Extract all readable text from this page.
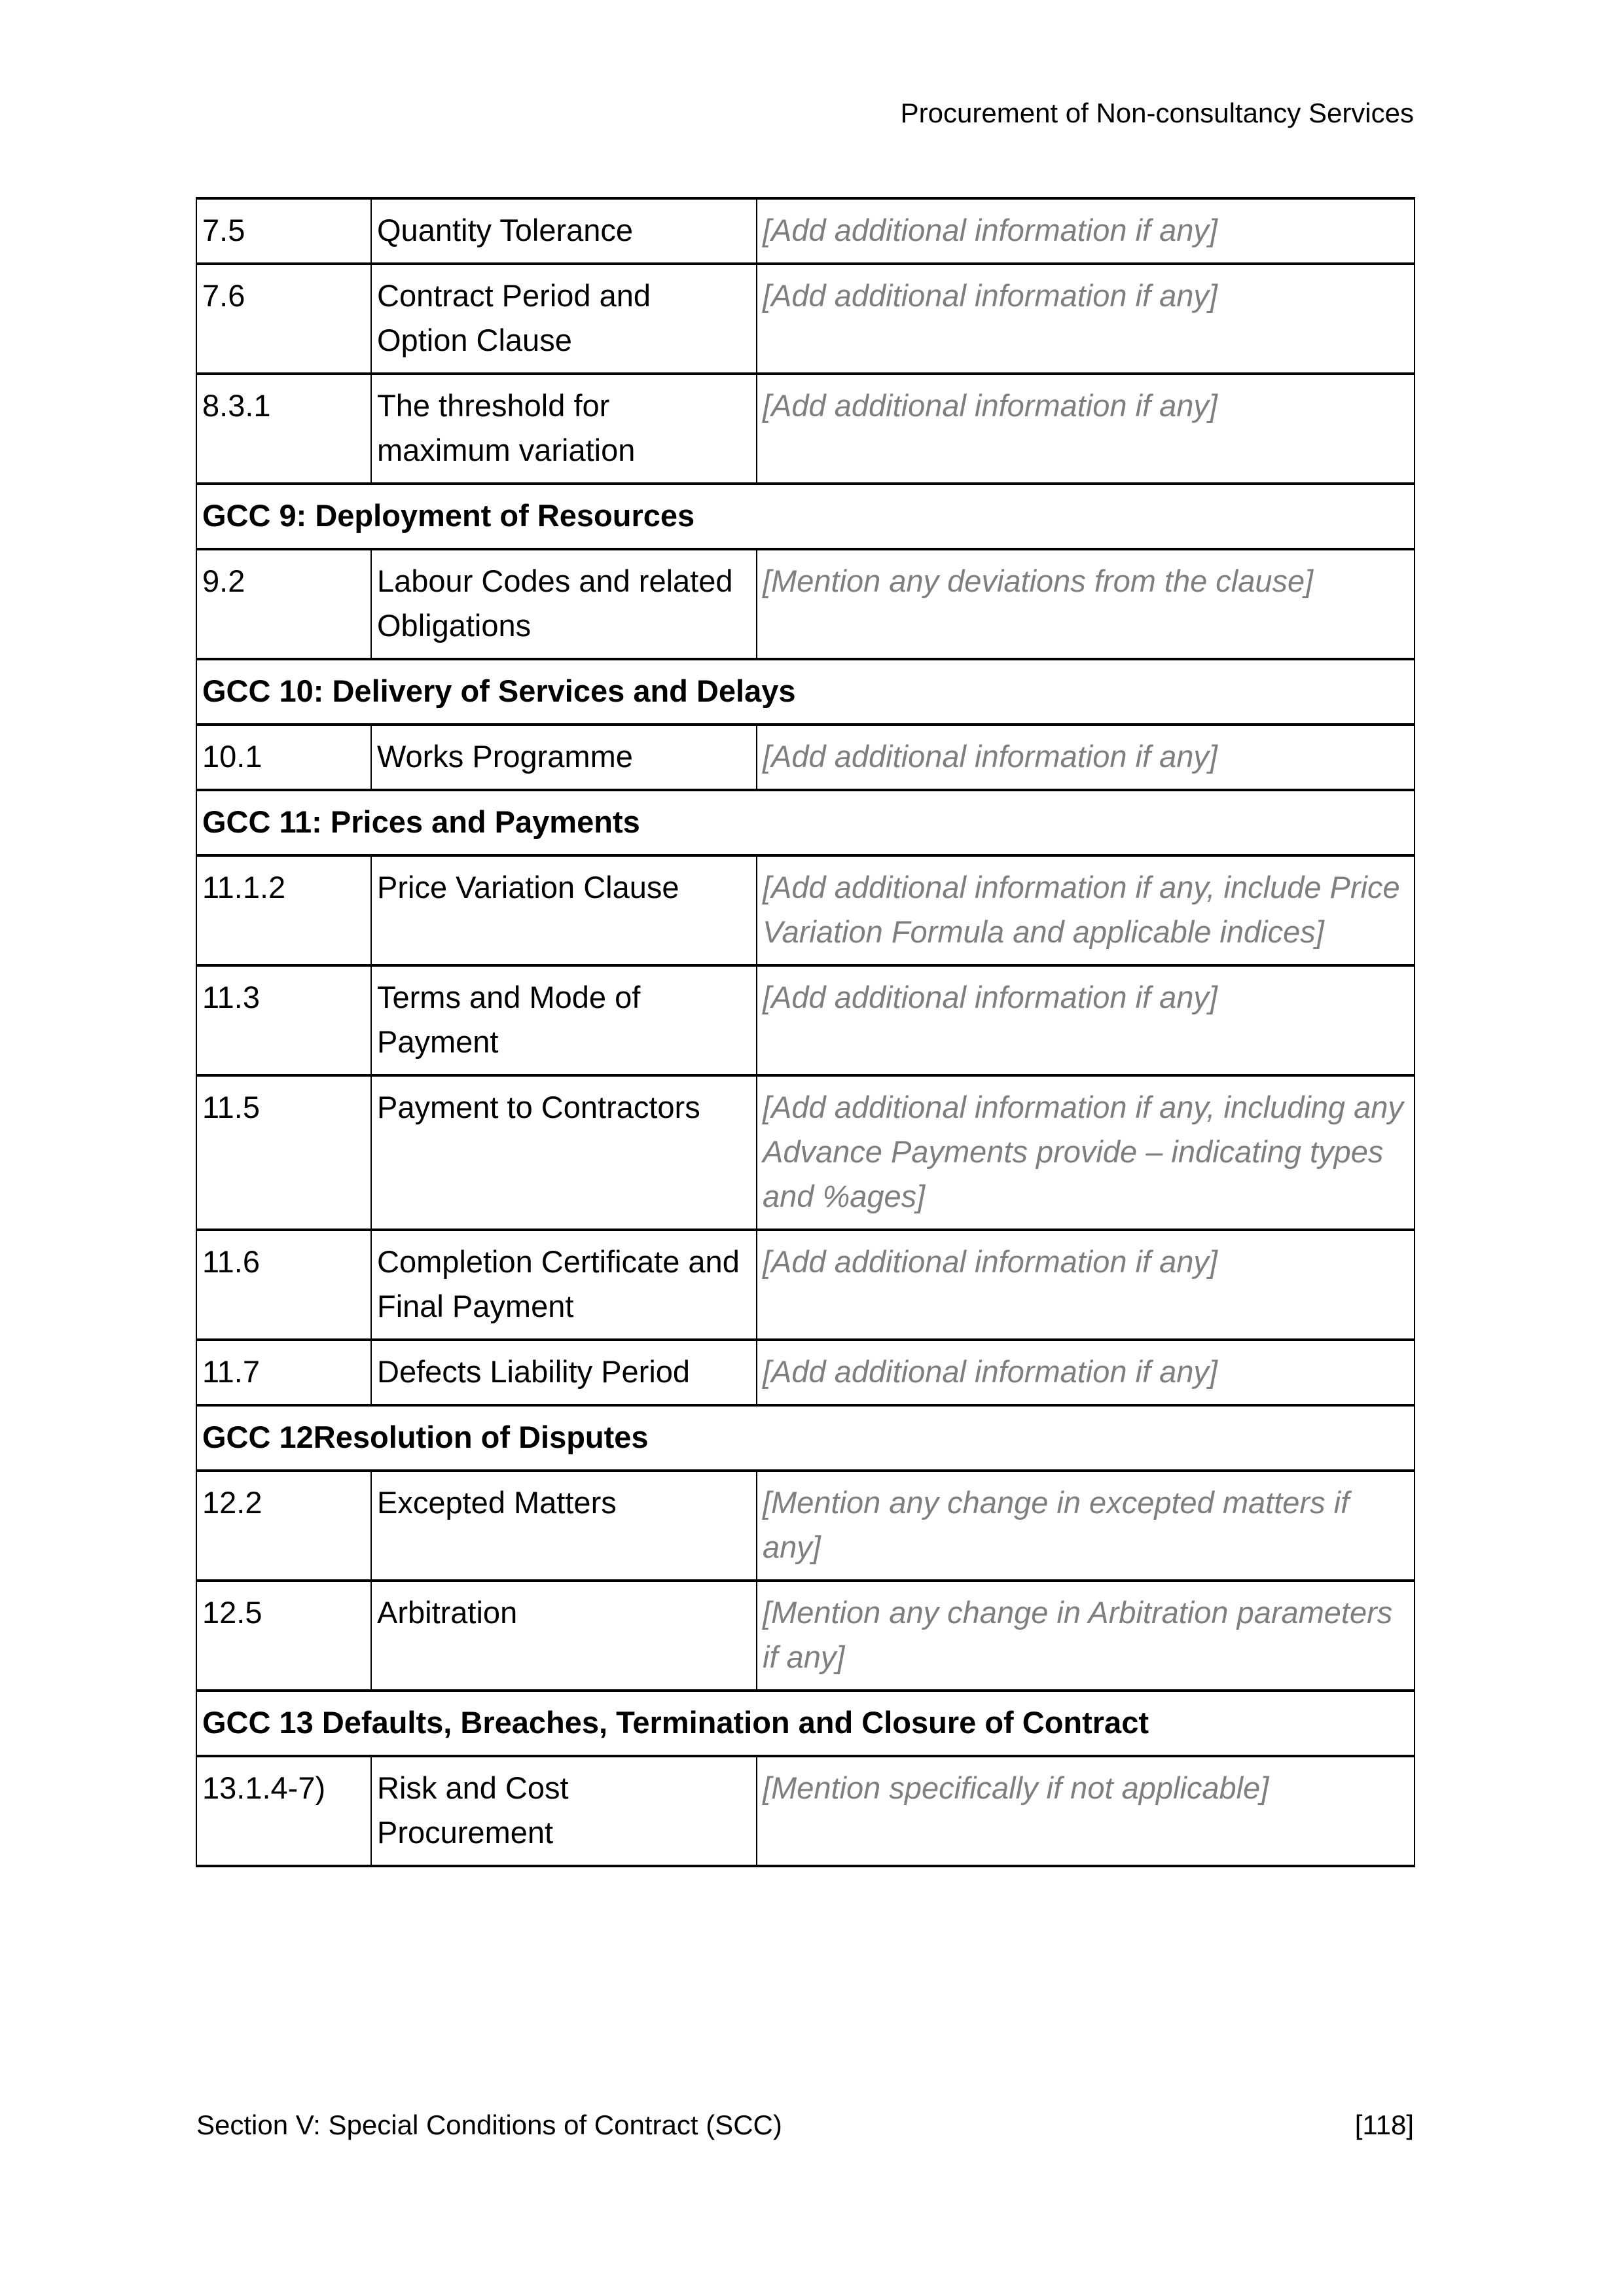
Procurement of Non-consultancy Services
7.5	Quantity Tolerance	[Add additional information if any]
7.6	Contract Period and Option Clause	[Add additional information if any]
8.3.1	The threshold for maximum variation	[Add additional information if any]
GCC 9: Deployment of Resources		
9.2	Labour Codes and related Obligations	[Mention any deviations from the clause]
GCC 10: Delivery of Services and Delays		
10.1	Works Programme	[Add additional information if any]
GCC 11: Prices and Payments		
11.1.2	Price Variation Clause	[Add additional information if any, include Price Variation Formula and applicable indices]
11.3	Terms and Mode of Payment	[Add additional information if any]
11.5	Payment to Contractors	[Add additional information if any, including any Advance Payments provide – indicating types and %ages]
11.6	Completion Certificate and Final Payment	[Add additional information if any]
11.7	Defects Liability Period	[Add additional information if any]
GCC 12Resolution of Disputes		
12.2	Excepted Matters	[Mention any change in excepted matters if any]
12.5	Arbitration	[Mention any change in Arbitration parameters if any]
GCC 13 Defaults, Breaches, Termination and Closure of Contract		
13.1.4-7)	Risk and Cost Procurement	[Mention specifically if not applicable]
Section V: Special Conditions of Contract (SCC)	[118]
